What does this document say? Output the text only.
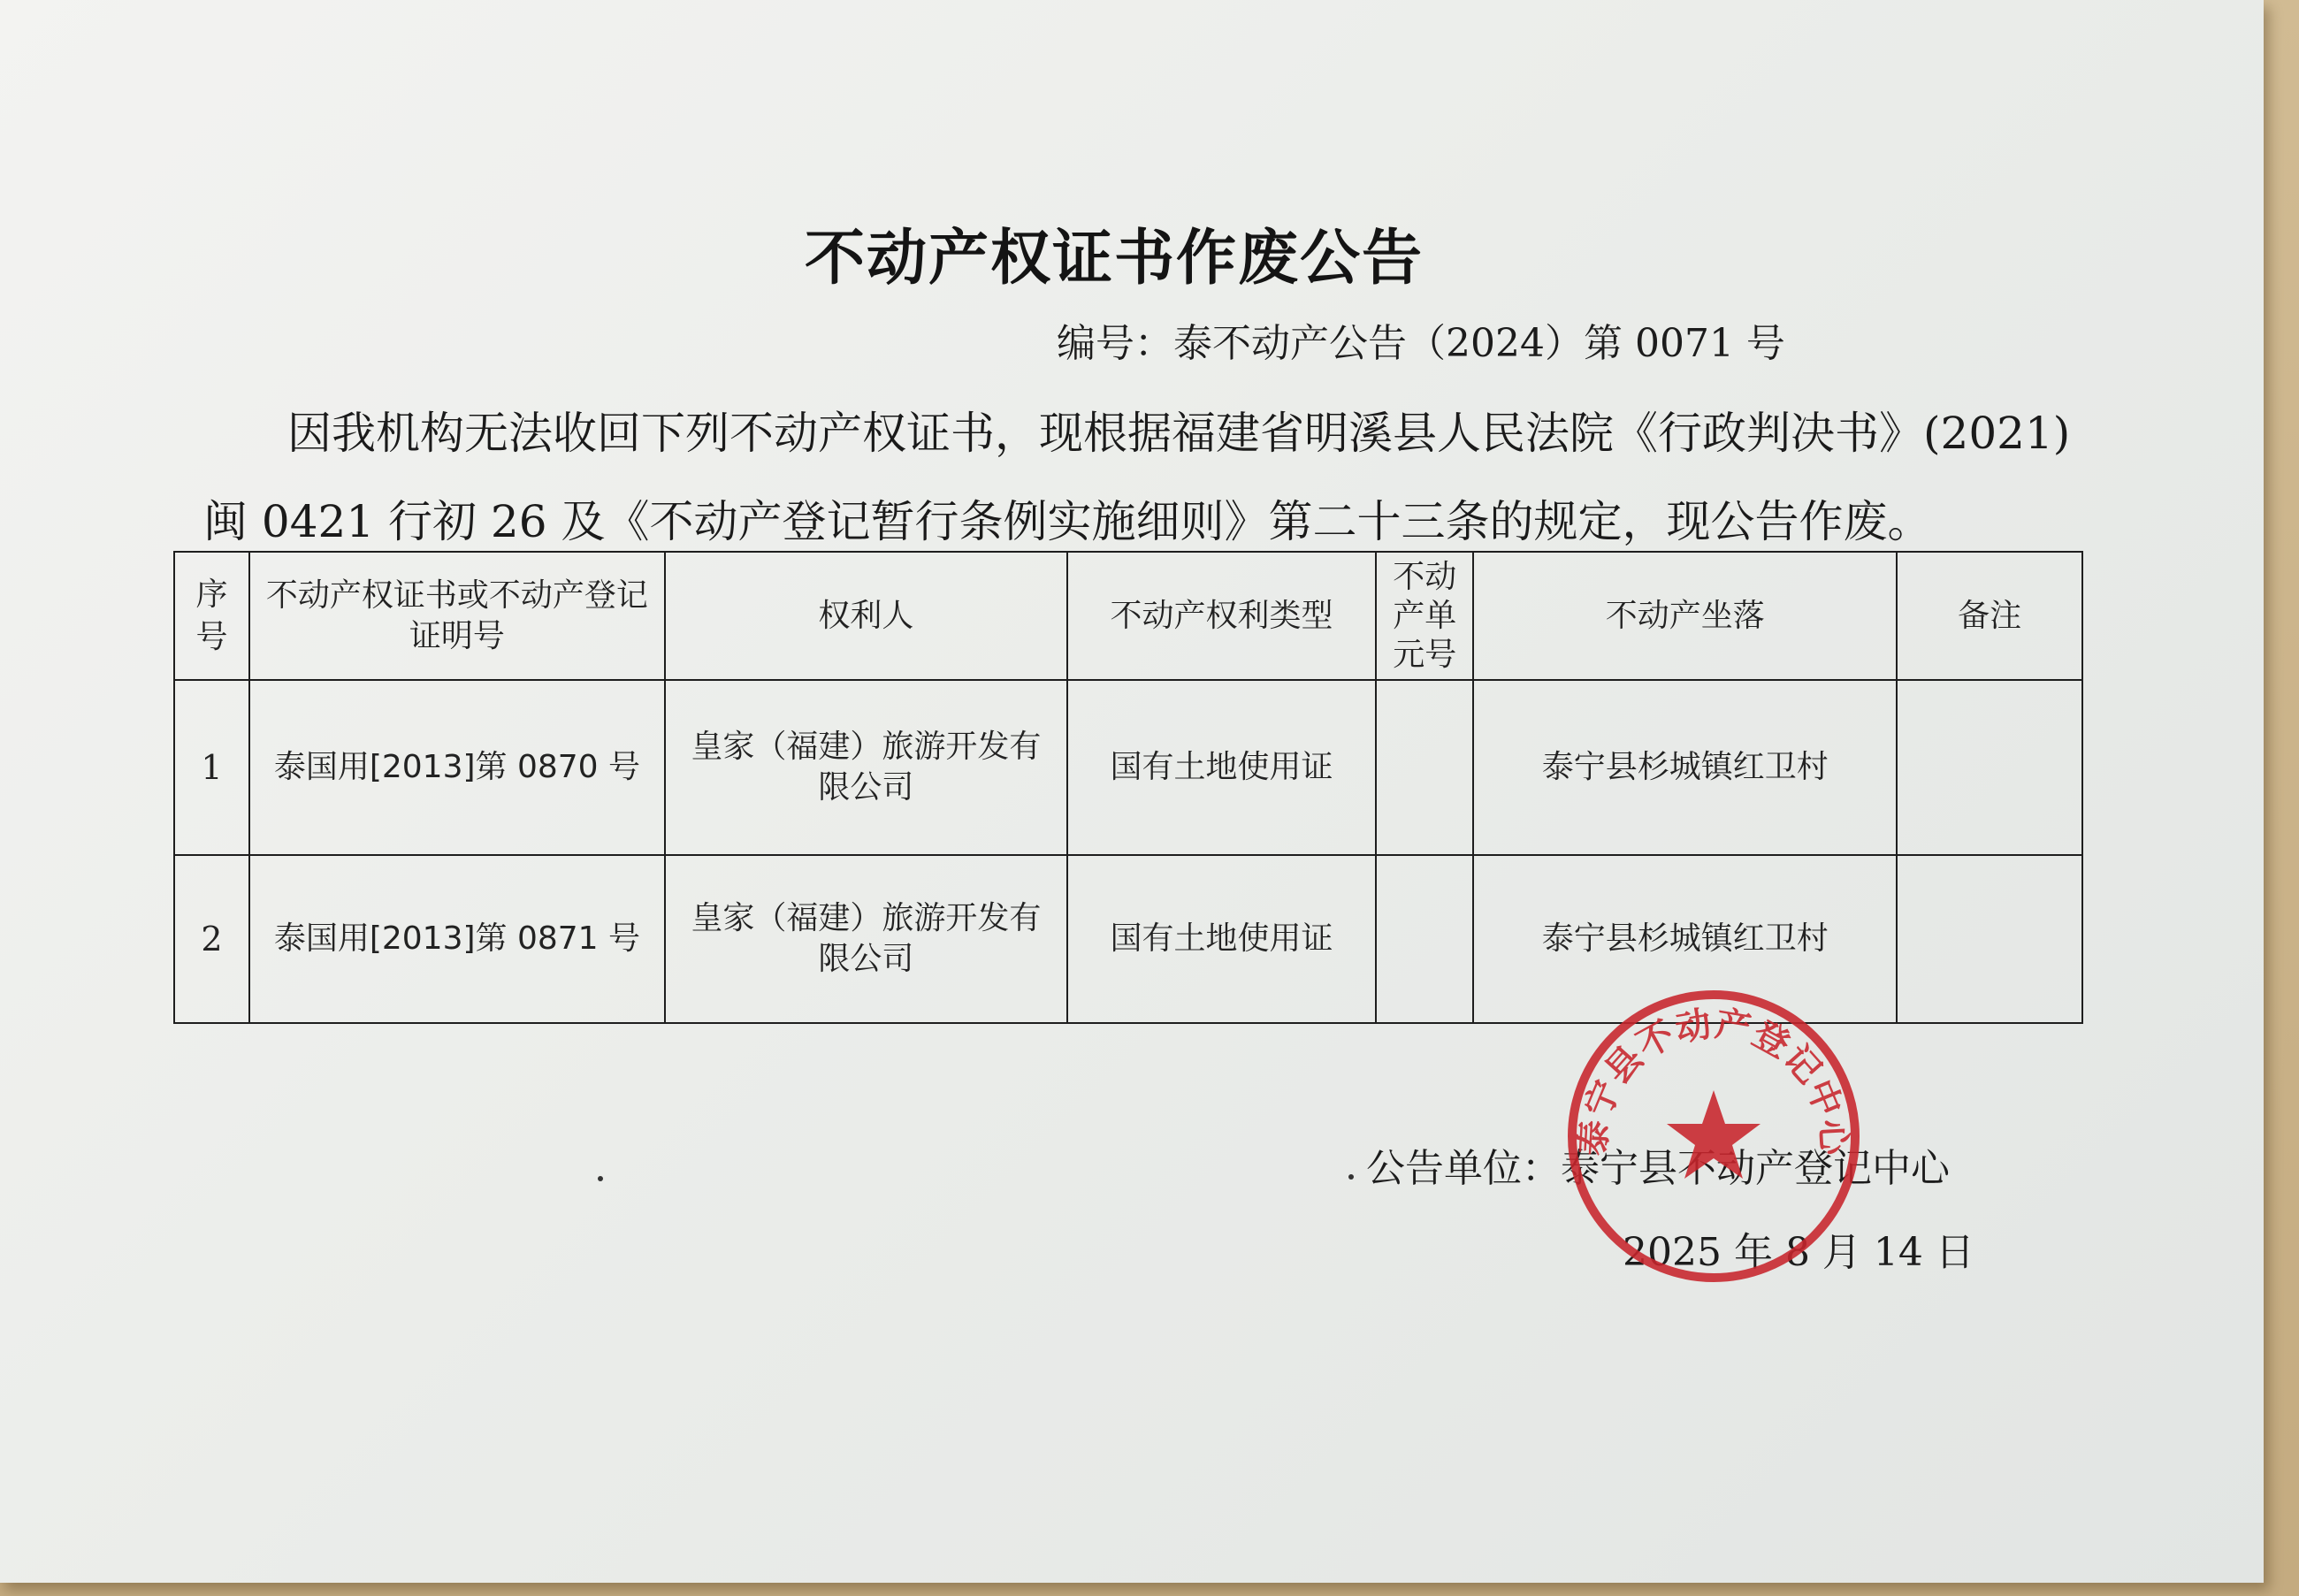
不动产权证书作废公告
编号：泰不动产公告（2024）第 0071 号
因我机构无法收回下列不动产权证书，现根据福建省明溪县人民法院《行政判决书》(2021)
闽 0421 行初 26 及《不动产登记暂行条例实施细则》第二十三条的规定，现公告作废。
序号	不动产权证书或不动产登记证明号	权利人	不动产权利类型	不动产单元号	不动产坐落	备注
1	泰国用[2013]第 0870 号	皇家（福建）旅游开发有限公司	国有土地使用证		泰宁县杉城镇红卫村	
2	泰国用[2013]第 0871 号	皇家（福建）旅游开发有限公司	国有土地使用证		泰宁县杉城镇红卫村	
公告单位：泰宁县不动产登记中心
2025 年 8 月 14 日
泰宁县不动产登记中心
